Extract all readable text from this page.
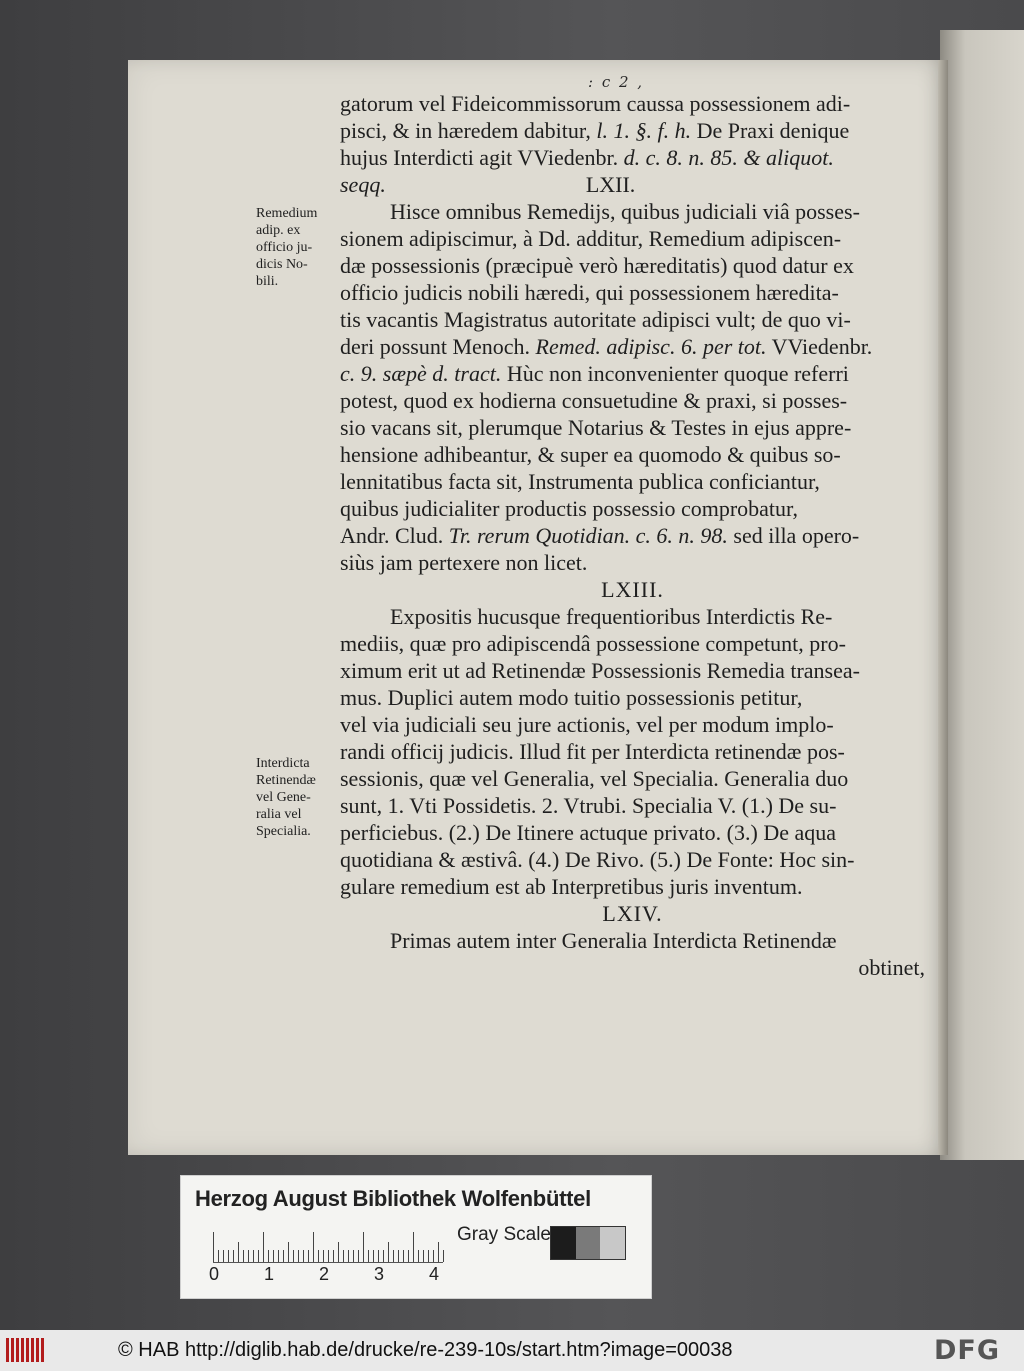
: c 2 ,
gatorum vel Fideicommissorum caussa possessionem adi-
pisci, & in hæredem dabitur, l. 1. §. f. h. De Praxi denique
hujus Interdicti agit VViedenbr. d. c. 8. n. 85. & aliquot.
seqq.	LXII.
Hisce omnibus Remedijs, quibus judiciali viâ posses-
sionem adipiscimur, à Dd. additur, Remedium adipiscen-
dæ possessionis (præcipuè verò hæreditatis) quod datur ex
officio judicis nobili hæredi, qui possessionem hæredita-
tis vacantis Magistratus autoritate adipisci vult; de quo vi-
deri possunt Menoch. Remed. adipisc. 6. per tot. VViedenbr.
c. 9. sæpè d. tract. Hùc non inconvenienter quoque referri
potest, quod ex hodierna consuetudine & praxi, si posses-
sio vacans sit, plerumque Notarius & Testes in ejus appre-
hensione adhibeantur, & super ea quomodo & quibus so-
lennitatibus facta sit, Instrumenta publica conficiantur,
quibus judicialiter productis possessio comprobatur,
Andr. Clud. Tr. rerum Quotidian. c. 6. n. 98. sed illa opero-
siùs jam pertexere non licet.
LXIII.
Expositis hucusque frequentioribus Interdictis Re-
mediis, quæ pro adipiscendâ possessione competunt, pro-
ximum erit ut ad Retinendæ Possessionis Remedia transea-
mus. Duplici autem modo tuitio possessionis petitur,
vel via judiciali seu jure actionis, vel per modum implo-
randi officij judicis. Illud fit per Interdicta retinendæ pos-
sessionis, quæ vel Generalia, vel Specialia. Generalia duo
sunt, 1. Vti Possidetis. 2. Vtrubi. Specialia V. (1.) De su-
perficiebus. (2.) De Itinere actuque privato. (3.) De aqua
quotidiana & æstivâ. (4.) De Rivo. (5.) De Fonte: Hoc sin-
gulare remedium est ab Interpretibus juris inventum.
LXIV.
Primas autem inter Generalia Interdicta Retinendæ
obtinet,
Remedium
adip. ex
officio ju-
dicis No-
bili.
Interdicta
Retinendæ
vel Gene-
ralia vel
Specialia.
Herzog August Bibliothek Wolfenbüttel
0 1 2 3 4
Gray Scale
© HAB http://diglib.hab.de/drucke/re-239-10s/start.htm?image=00038	DFG
